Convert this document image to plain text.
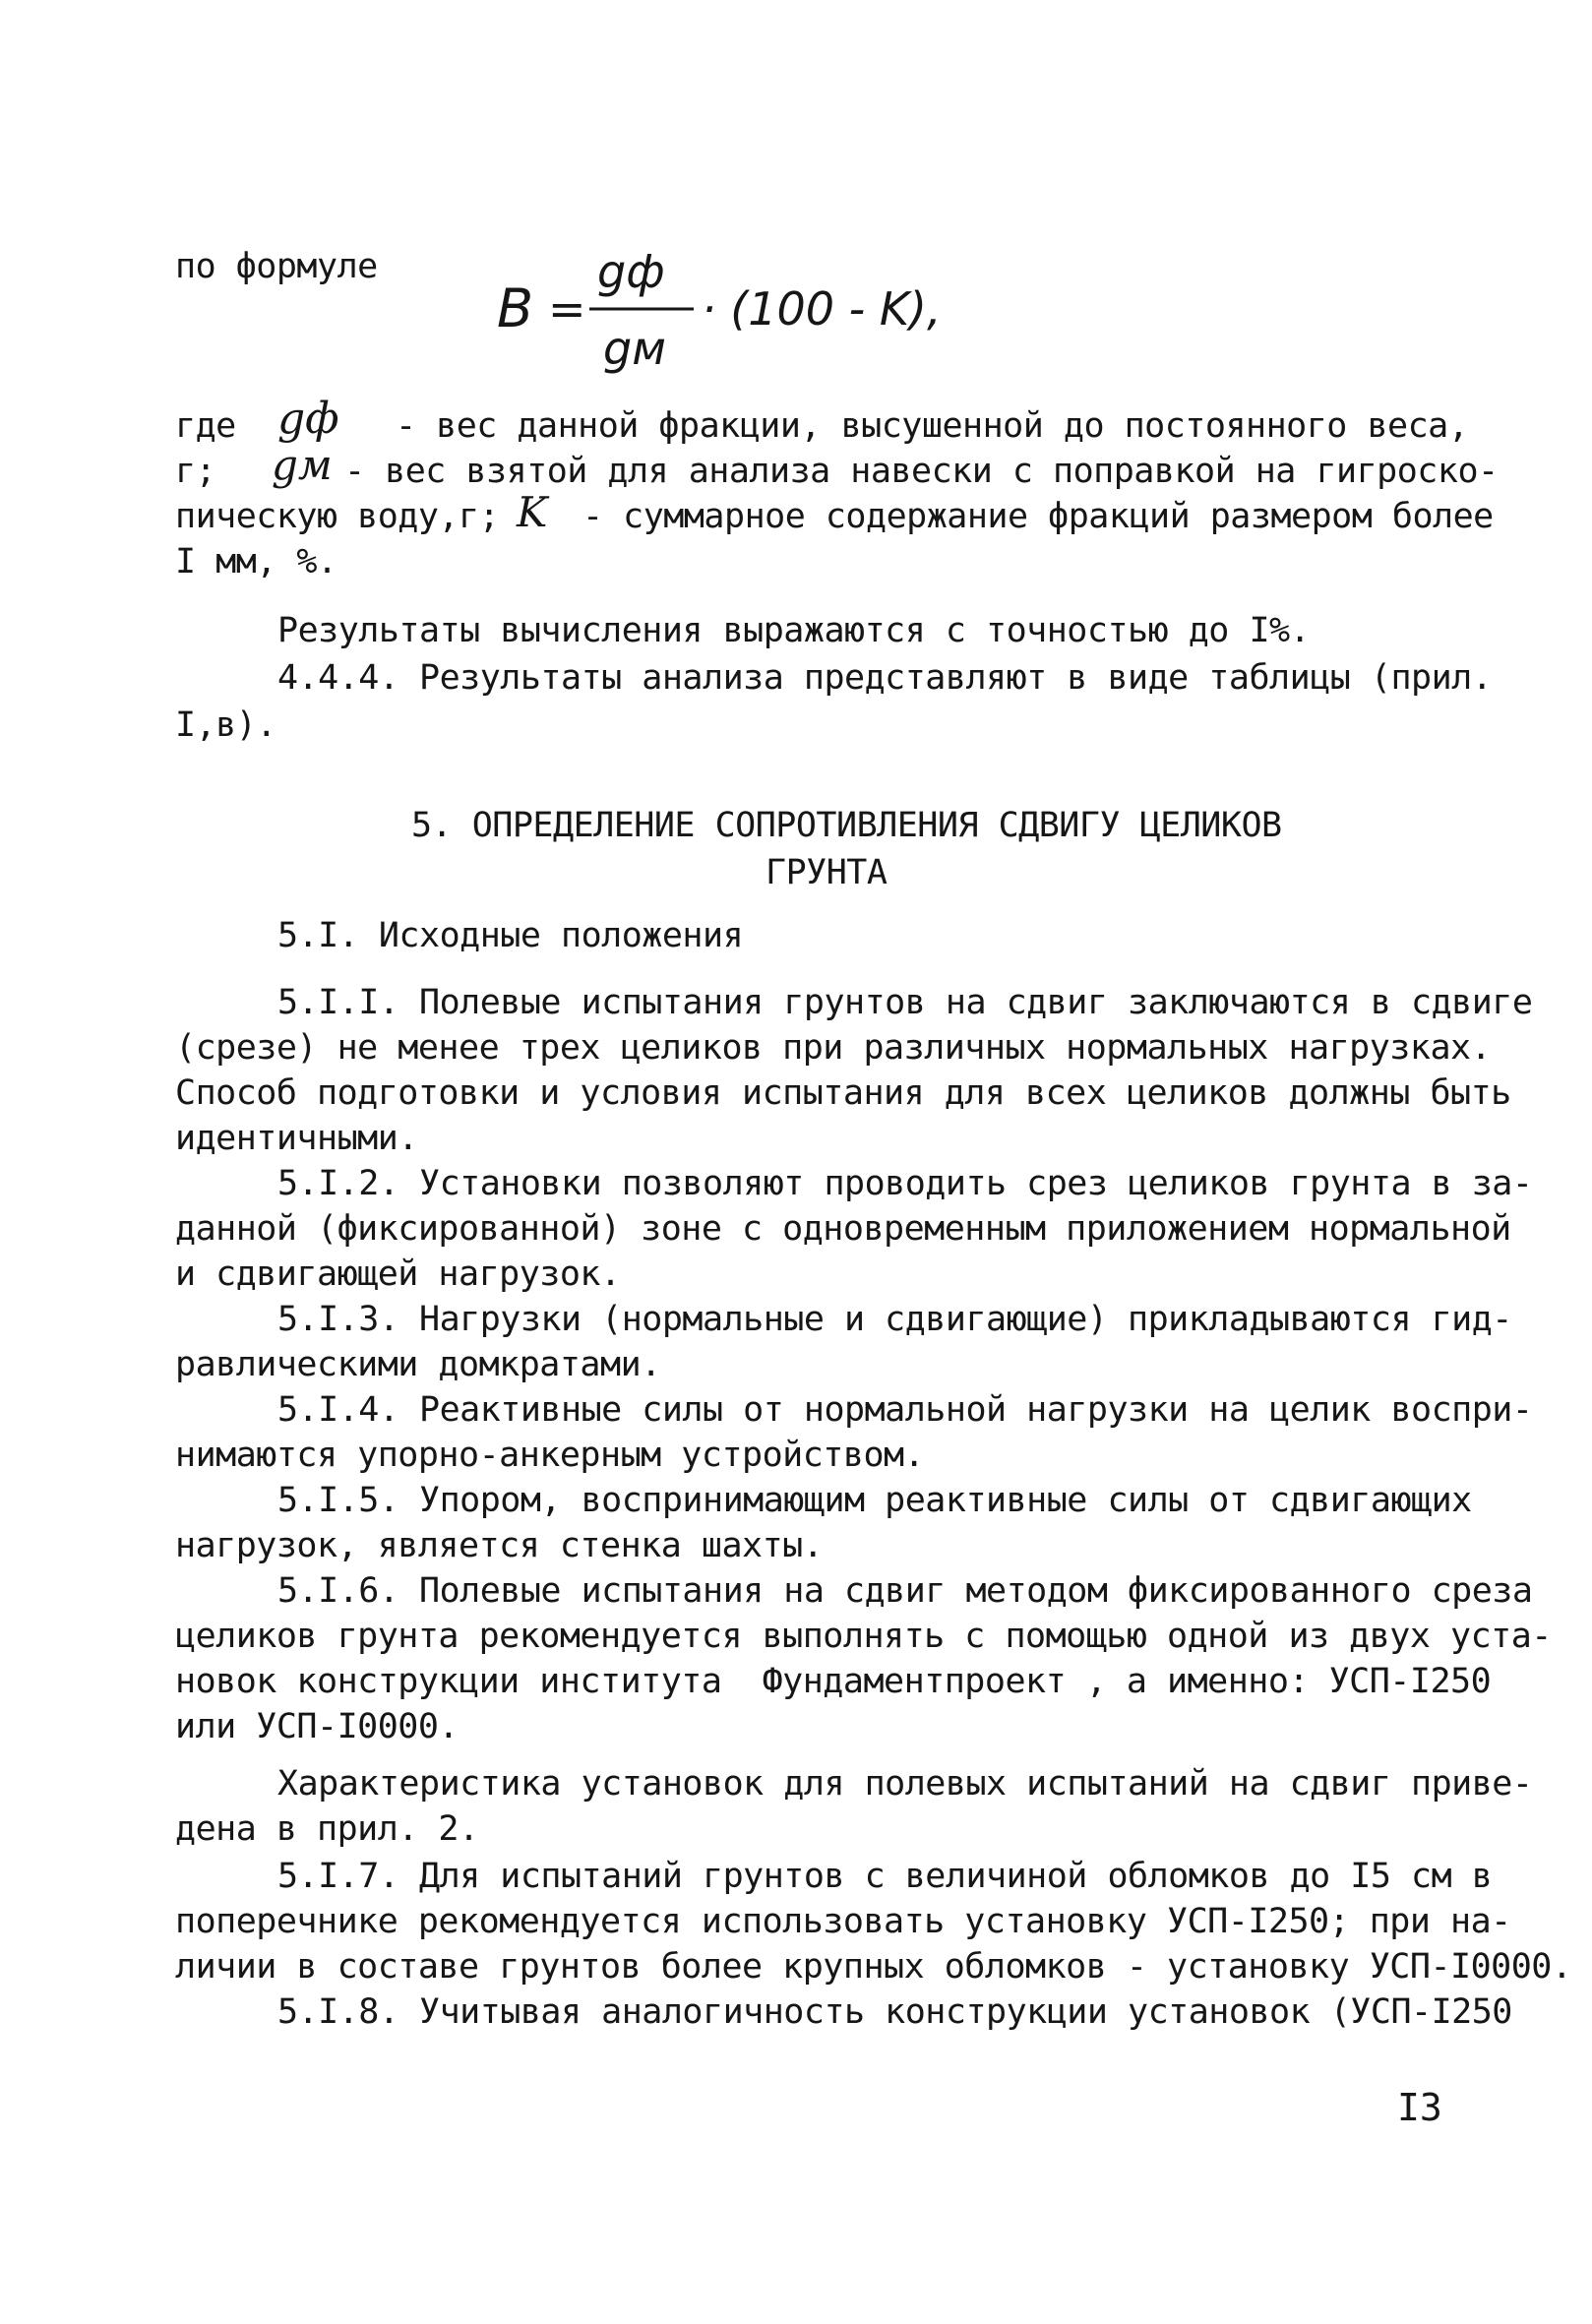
по формуле
B =
gф
gм
· (100 - K),
где gф - вес данной фракции, высушенной до постоянного веса,
г; gм - вес взятой для анализа навески с поправкой на гигроско-
пическую воду,г; K - суммарное содержание фракций размером более
I мм, %.
Результаты вычисления выражаются с точностью до I%.
4.4.4. Результаты анализа представляют в виде таблицы (прил.
I,в).
5. ОПРЕДЕЛЕНИЕ СОПРОТИВЛЕНИЯ СДВИГУ ЦЕЛИКОВ
ГРУНТА
5.I. Исходные положения
5.I.I. Полевые испытания грунтов на сдвиг заключаются в сдвиге
(срезе) не менее трех целиков при различных нормальных нагрузках.
Способ подготовки и условия испытания для всех целиков должны быть
идентичными.
5.I.2. Установки позволяют проводить срез целиков грунта в за-
данной (фиксированной) зоне с одновременным приложением нормальной
и сдвигающей нагрузок.
5.I.3. Нагрузки (нормальные и сдвигающие) прикладываются гид-
равлическими домкратами.
5.I.4. Реактивные силы от нормальной нагрузки на целик воспри-
нимаются упорно-анкерным устройством.
5.I.5. Упором, воспринимающим реактивные силы от сдвигающих
нагрузок, является стенка шахты.
5.I.6. Полевые испытания на сдвиг методом фиксированного среза
целиков грунта рекомендуется выполнять с помощью одной из двух уста-
новок конструкции института  Фундаментпроект , а именно: УСП-I250
или УСП-I0000.
Характеристика установок для полевых испытаний на сдвиг приве-
дена в прил. 2.
5.I.7. Для испытаний грунтов с величиной обломков до I5 см в
поперечнике рекомендуется использовать установку УСП-I250; при на-
личии в составе грунтов более крупных обломков - установку УСП-I0000.
5.I.8. Учитывая аналогичность конструкции установок (УСП-I250
I3
